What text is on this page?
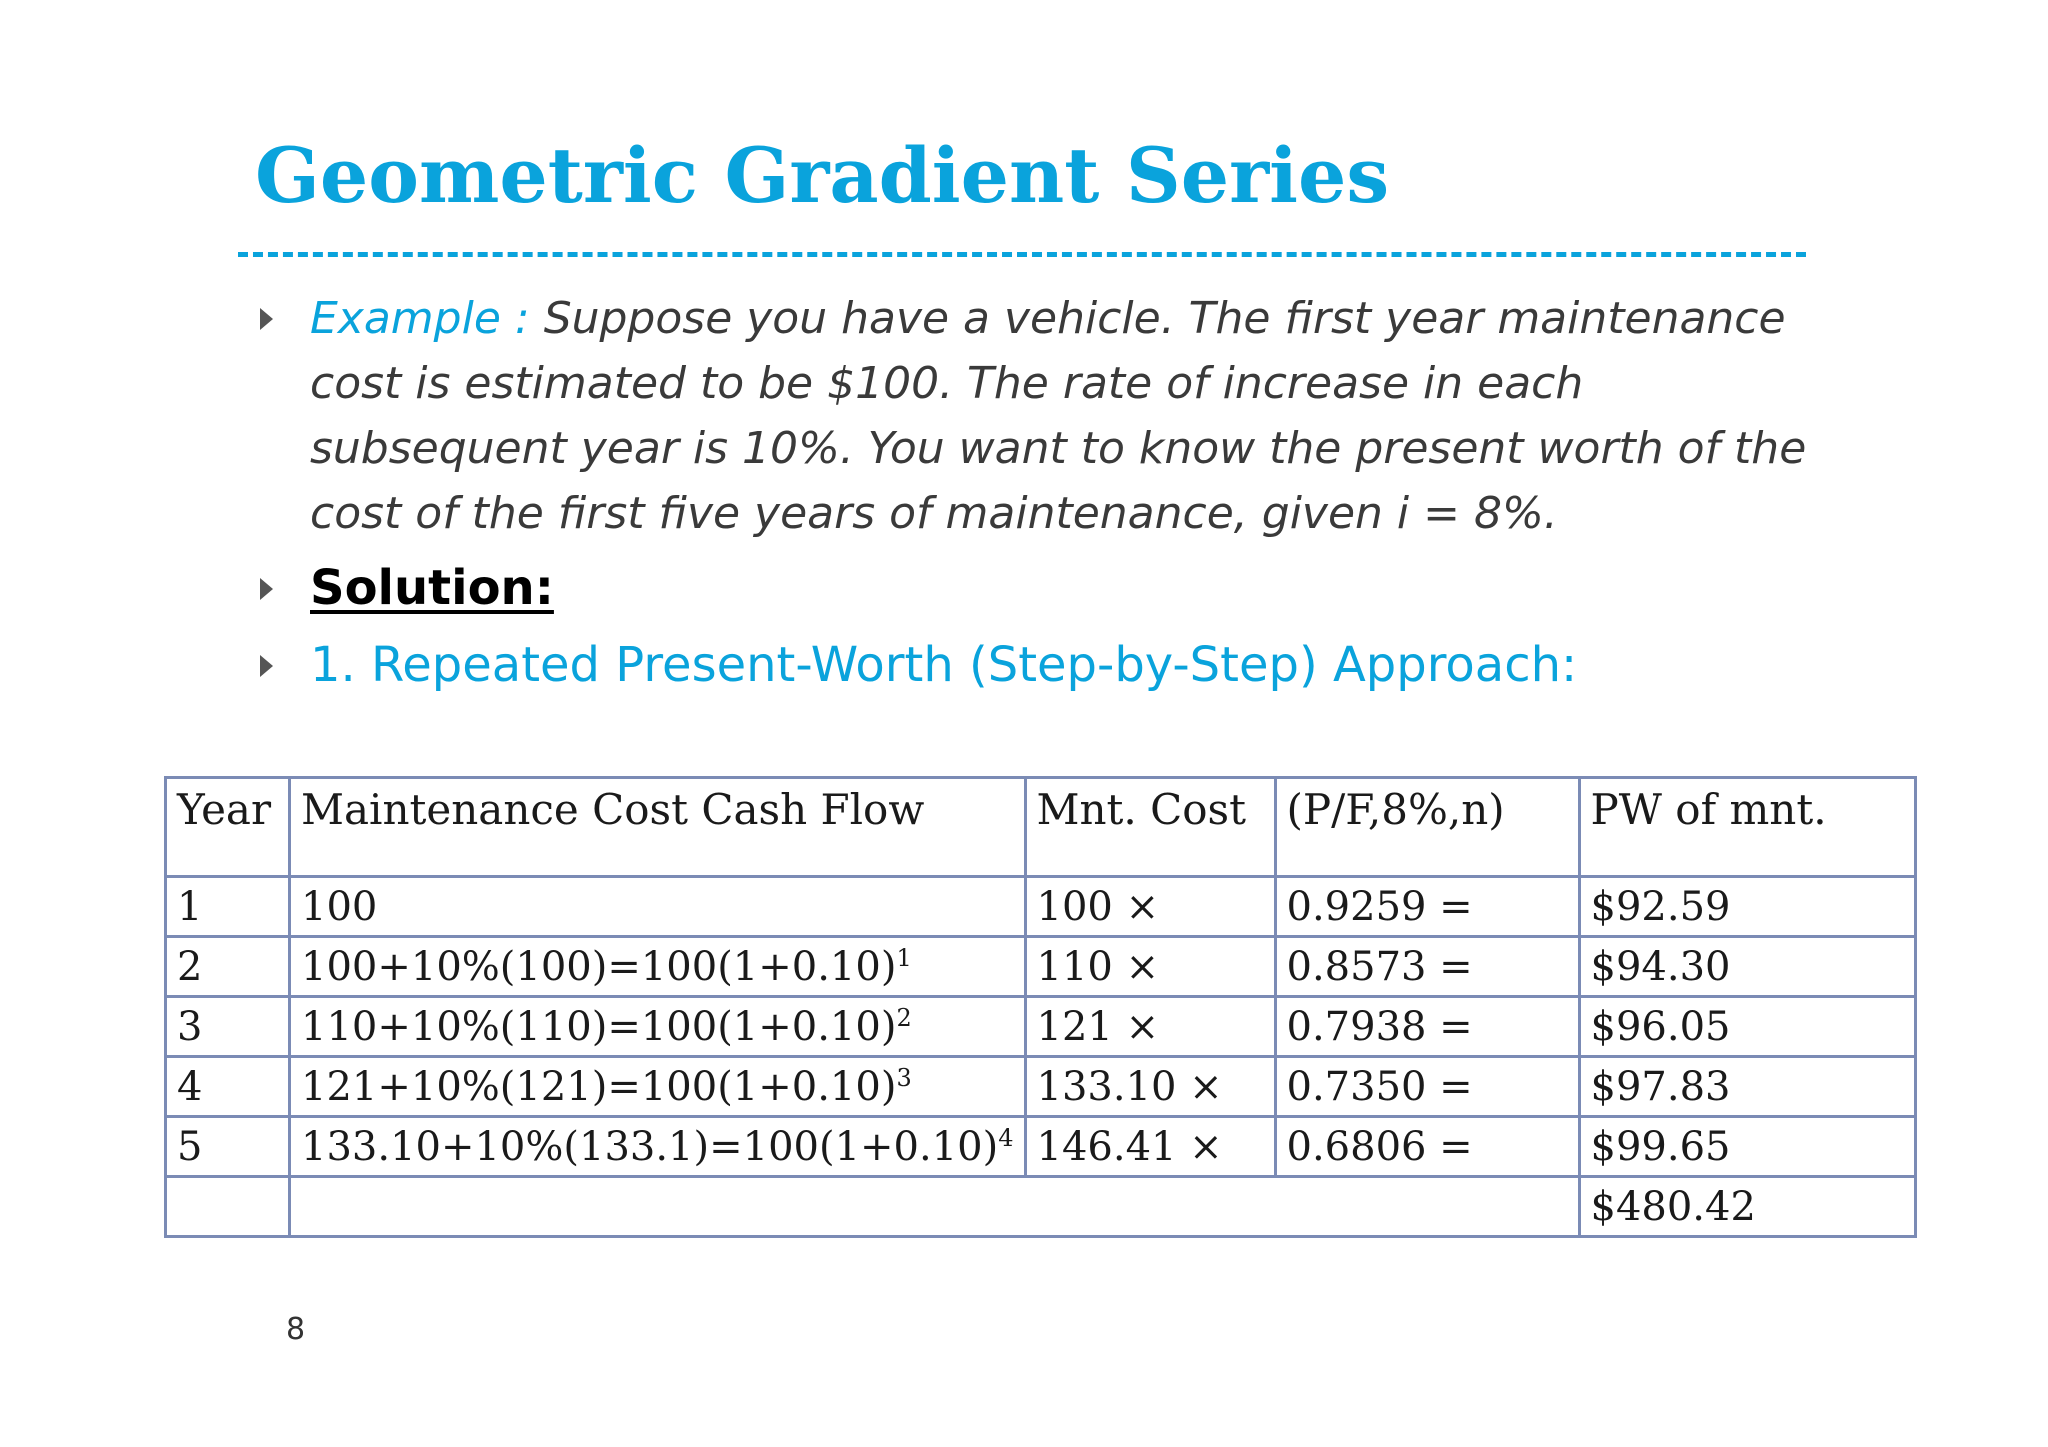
Geometric Gradient Series
Example : Suppose you have a vehicle. The first year maintenance cost is estimated to be $100. The rate of increase in each subsequent year is 10%. You want to know the present worth of the cost of the first five years of maintenance, given i = 8%.
Solution:
1. Repeated Present-Worth (Step-by-Step) Approach:
Year	Maintenance Cost Cash Flow	Mnt. Cost	(P/F,8%,n)	PW of mnt.
1	100	100 ×	0.9259 =	$92.59
2	$100+10\%(100)=100(1+0.10)^1$	110 ×	0.8573 =	$94.30
3	$110+10\%(110)=100(1+0.10)^2$	121 ×	0.7938 =	$96.05
4	$121+10\%(121)=100(1+0.10)^3$	133.10 ×	0.7350 =	$97.83
5	$133.10+10\%(133.1)=100(1+0.10)^4$	146.41 ×	0.6806 =	$99.65
				$480.42
8
